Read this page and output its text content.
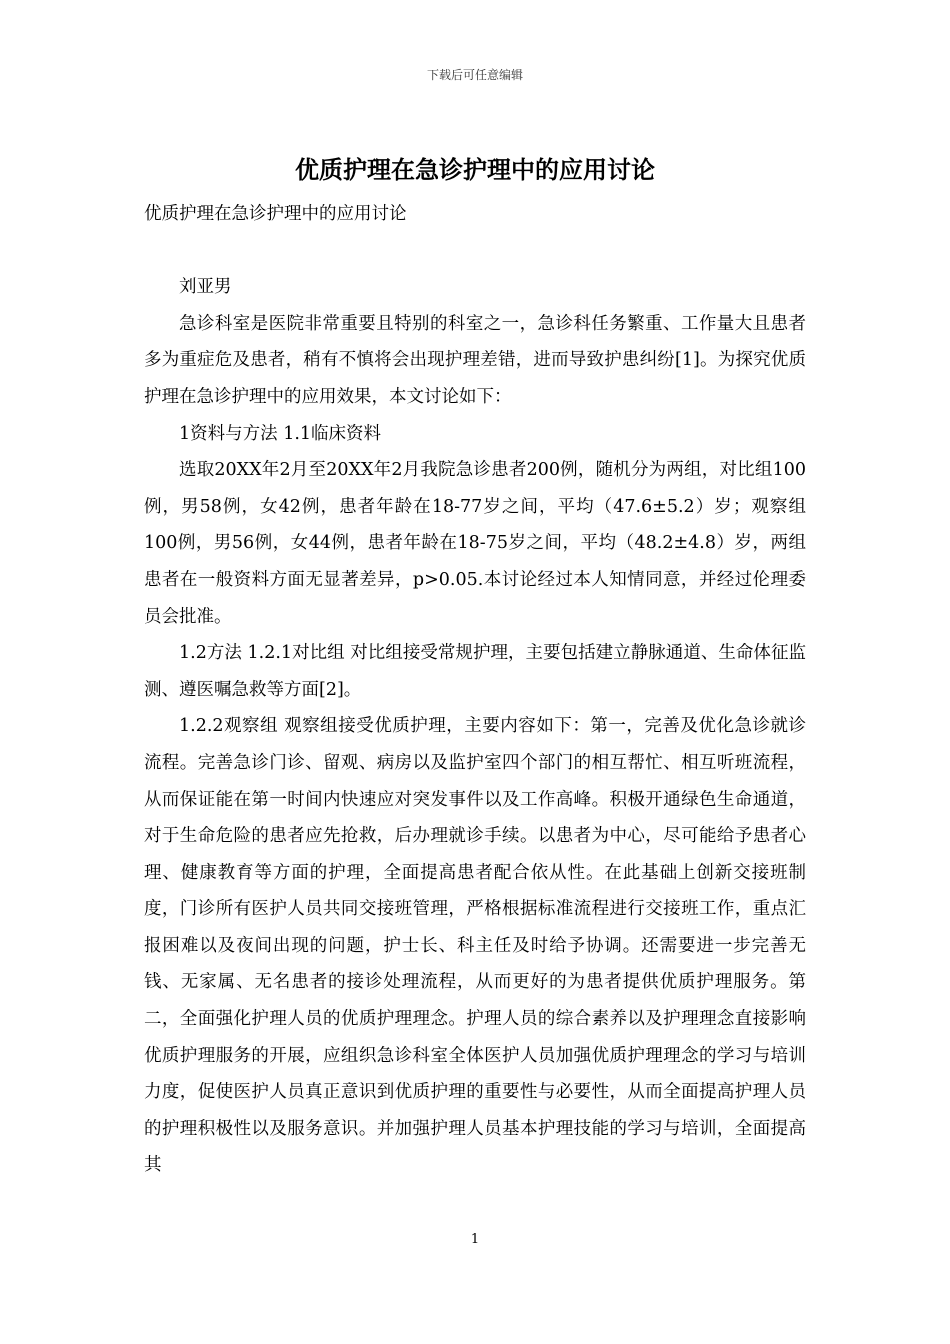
下载后可任意编辑
优质护理在急诊护理中的应用讨论

优质护理在急诊护理中的应用讨论

刘亚男

急诊科室是医院非常重要且特别的科室之一，急诊科任务繁重、工作量大且患者多为重症危及患者，稍有不慎将会出现护理差错，进而导致护患纠纷[1]。为探究优质护理在急诊护理中的应用效果，本文讨论如下：

1资料与方法 1.1临床资料

选取20XX年2月至20XX年2月我院急诊患者200例，随机分为两组，对比组100例，男58例，女42例，患者年龄在18-77岁之间，平均（47.6±5.2）岁；观察组100例，男56例，女44例，患者年龄在18-75岁之间，平均（48.2±4.8）岁，两组患者在一般资料方面无显著差异，p>0.05.本讨论经过本人知情同意，并经过伦理委员会批准。

1.2方法 1.2.1对比组 对比组接受常规护理，主要包括建立静脉通道、生命体征监测、遵医嘱急救等方面[2]。

1.2.2观察组 观察组接受优质护理，主要内容如下：第一，完善及优化急诊就诊流程。完善急诊门诊、留观、病房以及监护室四个部门的相互帮忙、相互听班流程，从而保证能在第一时间内快速应对突发事件以及工作高峰。积极开通绿色生命通道，对于生命危险的患者应先抢救，后办理就诊手续。以患者为中心，尽可能给予患者心理、健康教育等方面的护理，全面提高患者配合依从性。在此基础上创新交接班制度，门诊所有医护人员共同交接班管理，严格根据标准流程进行交接班工作，重点汇报困难以及夜间出现的问题，护士长、科主任及时给予协调。还需要进一步完善无钱、无家属、无名患者的接诊处理流程，从而更好的为患者提供优质护理服务。第二，全面强化护理人员的优质护理理念。护理人员的综合素养以及护理理念直接影响优质护理服务的开展，应组织急诊科室全体医护人员加强优质护理理念的学习与培训力度，促使医护人员真正意识到优质护理的重要性与必要性，从而全面提高护理人员的护理积极性以及服务意识。并加强护理人员基本护理技能的学习与培训，全面提高其

1
